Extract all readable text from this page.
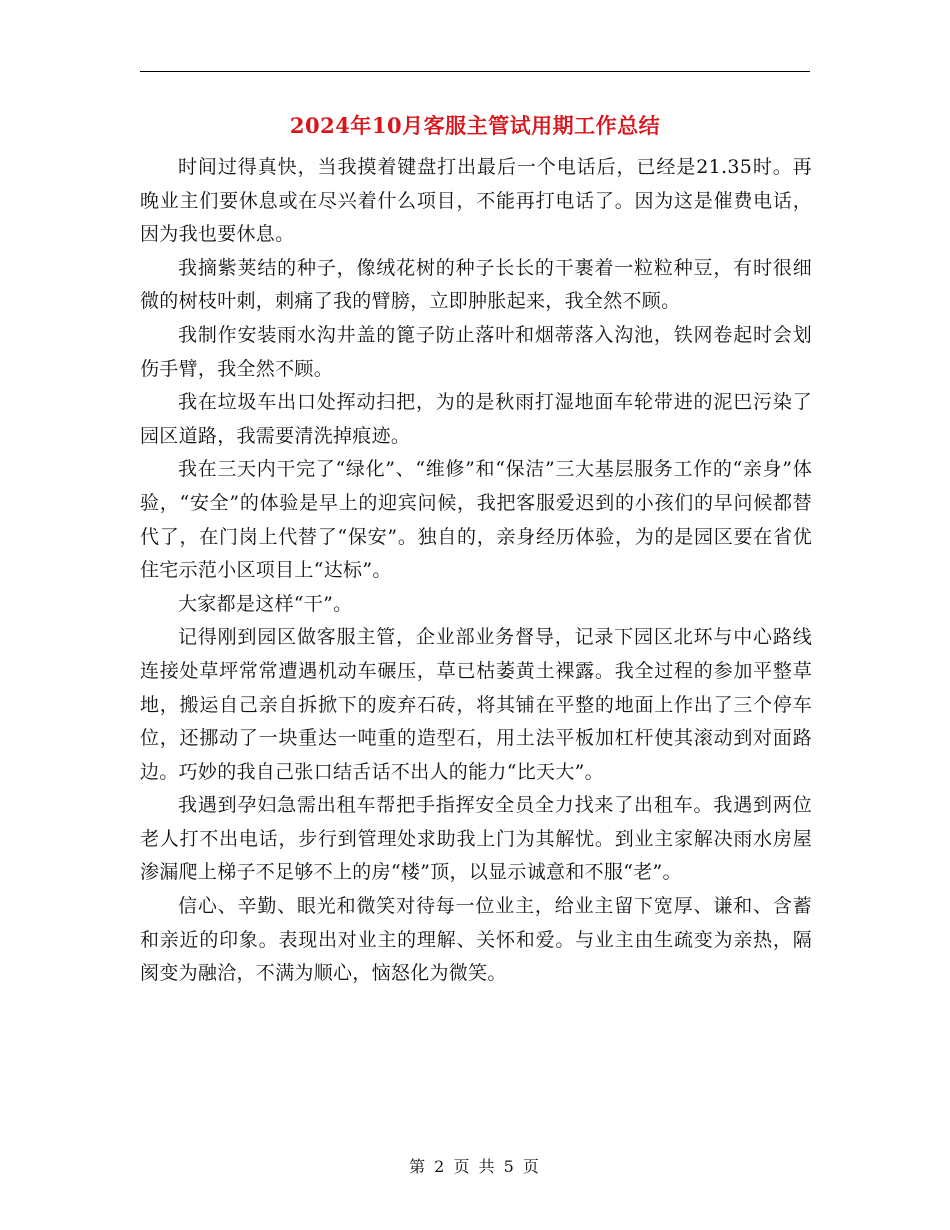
2024年10月客服主管试用期工作总结

时间过得真快，当我摸着键盘打出最后一个电话后，已经是21.35时。再晚业主们要休息或在尽兴着什么项目，不能再打电话了。因为这是催费电话，因为我也要休息。

我摘紫荚结的种子，像绒花树的种子长长的干裹着一粒粒种豆，有时很细微的树枝叶刺，刺痛了我的臂膀，立即肿胀起来，我全然不顾。

我制作安装雨水沟井盖的篦子防止落叶和烟蒂落入沟池，铁网卷起时会划伤手臂，我全然不顾。

我在垃圾车出口处挥动扫把，为的是秋雨打湿地面车轮带进的泥巴污染了园区道路，我需要清洗掉痕迹。

我在三天内干完了“绿化”、“维修”和“保洁”三大基层服务工作的“亲身”体验，“安全”的体验是早上的迎宾问候，我把客服爱迟到的小孩们的早问候都替代了，在门岗上代替了“保安”。独自的，亲身经历体验，为的是园区要在省优住宅示范小区项目上“达标”。

大家都是这样“干”。

记得刚到园区做客服主管，企业部业务督导，记录下园区北环与中心路线连接处草坪常常遭遇机动车碾压，草已枯萎黄土裸露。我全过程的参加平整草地，搬运自己亲自拆掀下的废弃石砖，将其铺在平整的地面上作出了三个停车位，还挪动了一块重达一吨重的造型石，用土法平板加杠杆使其滚动到对面路边。巧妙的我自己张口结舌话不出人的能力“比天大”。

我遇到孕妇急需出租车帮把手指挥安全员全力找来了出租车。我遇到两位老人打不出电话，步行到管理处求助我上门为其解忧。到业主家解决雨水房屋渗漏爬上梯子不足够不上的房“楼”顶，以显示诚意和不服“老”。

信心、辛勤、眼光和微笑对待每一位业主，给业主留下宽厚、谦和、含蓄和亲近的印象。表现出对业主的理解、关怀和爱。与业主由生疏变为亲热，隔阂变为融洽，不满为顺心，恼怒化为微笑。

第 2 页 共 5 页
